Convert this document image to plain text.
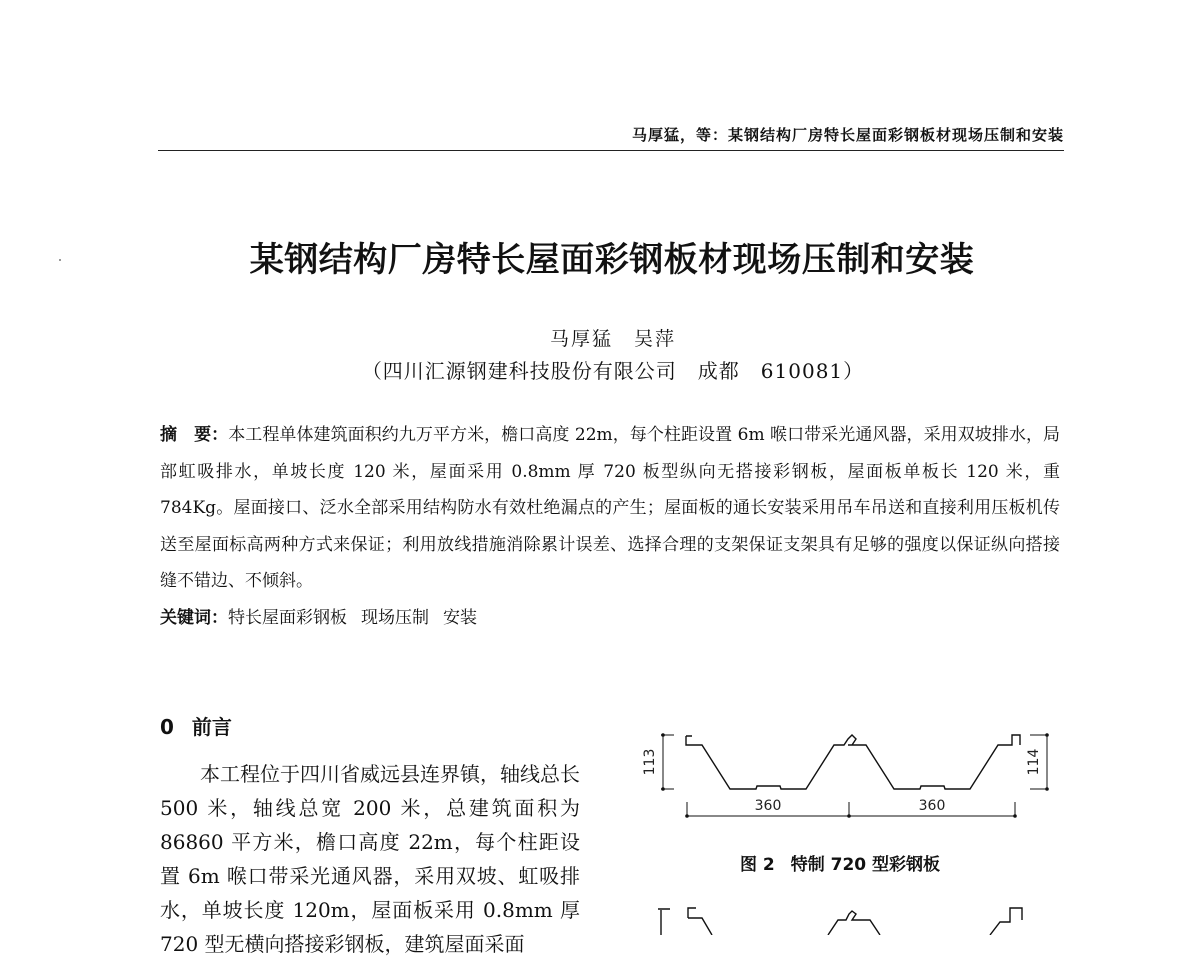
马厚猛，等：某钢结构厂房特长屋面彩钢板材现场压制和安装
某钢结构厂房特长屋面彩钢板材现场压制和安装
马厚猛　吴萍
（四川汇源钢建科技股份有限公司　成都　610081）
摘　要：本工程单体建筑面积约九万平方米，檐口高度 22m，每个柱距设置 6m 喉口带采光通风器，采用双坡排水，局部虹吸排水，单坡长度 120 米，屋面采用 0.8mm 厚 720 板型纵向无搭接彩钢板，屋面板单板长 120 米，重 784Kg。屋面接口、泛水全部采用结构防水有效杜绝漏点的产生；屋面板的通长安装采用吊车吊送和直接利用压板机传送至屋面标高两种方式来保证；利用放线措施消除累计误差、选择合理的支架保证支架具有足够的强度以保证纵向搭接缝不错边、不倾斜。
关键词：特长屋面彩钢板 现场压制 安装
0 前言
本工程位于四川省威远县连界镇，轴线总长 500 米，轴线总宽 200 米，总建筑面积为 86860 平方米，檐口高度 22m，每个柱距设置 6m 喉口带采光通风器，采用双坡、虹吸排水，单坡长度 120m，屋面板采用 0.8mm 厚 720 型无横向搭接彩钢板，建筑屋面采面
113	114
360	360
图 2 特制 720 型彩钢板
